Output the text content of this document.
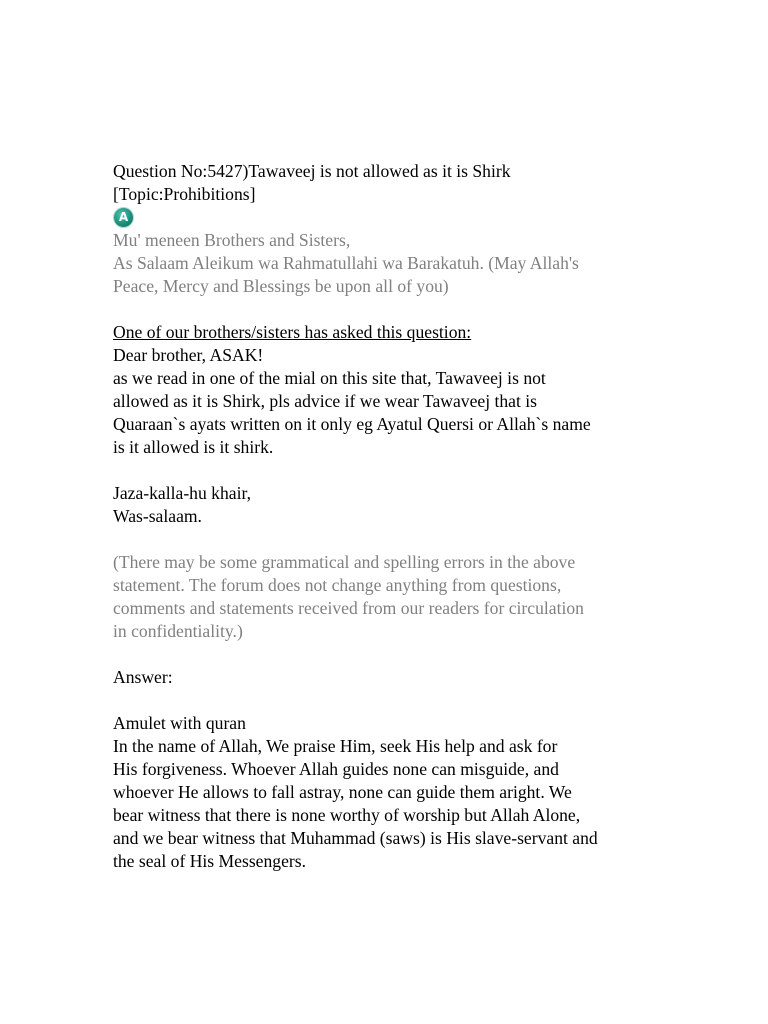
Question No:5427)Tawaveej is not allowed as it is Shirk
[Topic:Prohibitions]
A
Mu' meneen Brothers and Sisters,
As Salaam Aleikum wa Rahmatullahi wa Barakatuh. (May Allah's
Peace, Mercy and Blessings be upon all of you)
One of our brothers/sisters has asked this question:
Dear brother, ASAK!
as we read in one of the mial on this site that, Tawaveej is not
allowed as it is Shirk, pls advice if we wear Tawaveej that is
Quaraan`s ayats written on it only eg Ayatul Quersi or Allah`s name
is it allowed is it shirk.
Jaza-kalla-hu khair,
Was-salaam.
(There may be some grammatical and spelling errors in the above
statement. The forum does not change anything from questions,
comments and statements received from our readers for circulation
in confidentiality.)
Answer:
Amulet with quran
In the name of Allah, We praise Him, seek His help and ask for
His forgiveness. Whoever Allah guides none can misguide, and
whoever He allows to fall astray, none can guide them aright. We
bear witness that there is none worthy of worship but Allah Alone,
and we bear witness that Muhammad (saws) is His slave-servant and
the seal of His Messengers.
